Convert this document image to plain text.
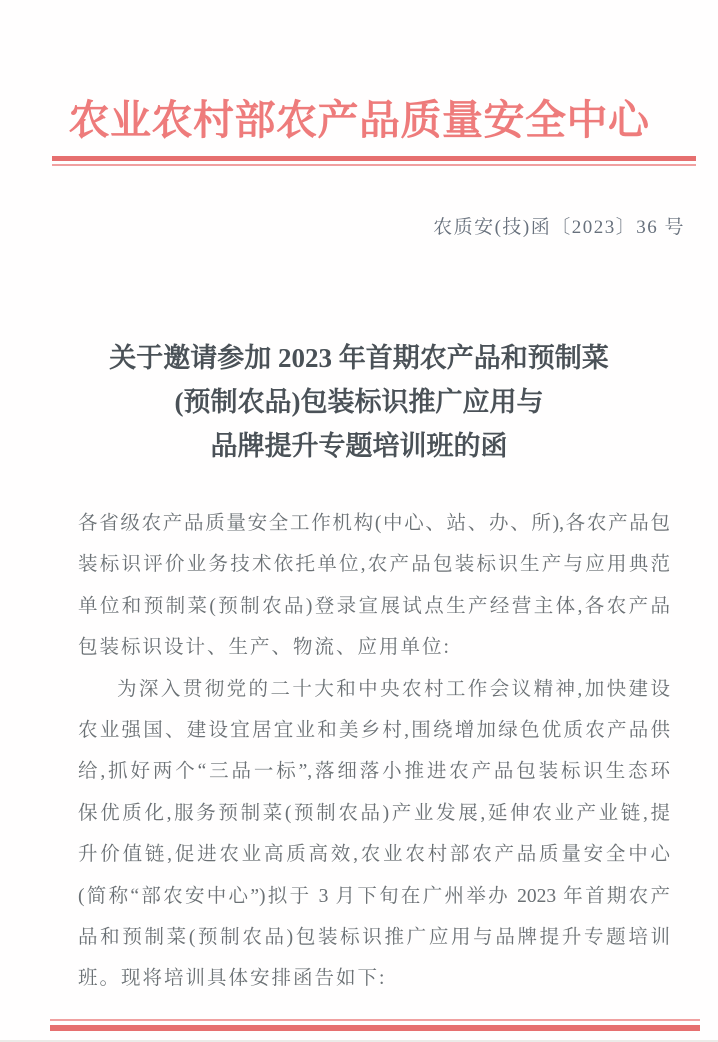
农业农村部农产品质量安全中心
农质安(技)函〔2023〕36 号
关于邀请参加 2023 年首期农产品和预制菜
(预制农品)包装标识推广应用与
品牌提升专题培训班的函
各省级农产品质量安全工作机构(中心、站、办、所),各农产品包
装标识评价业务技术依托单位,农产品包装标识生产与应用典范
单位和预制菜(预制农品)登录宣展试点生产经营主体,各农产品
包装标识设计、生产、物流、应用单位:
为深入贯彻党的二十大和中央农村工作会议精神,加快建设
农业强国、建设宜居宜业和美乡村,围绕增加绿色优质农产品供
给,抓好两个“三品一标”,落细落小推进农产品包装标识生态环
保优质化,服务预制菜(预制农品)产业发展,延伸农业产业链,提
升价值链,促进农业高质高效,农业农村部农产品质量安全中心
(简称“部农安中心”)拟于 3 月下旬在广州举办 2023 年首期农产
品和预制菜(预制农品)包装标识推广应用与品牌提升专题培训
班。现将培训具体安排函告如下:
